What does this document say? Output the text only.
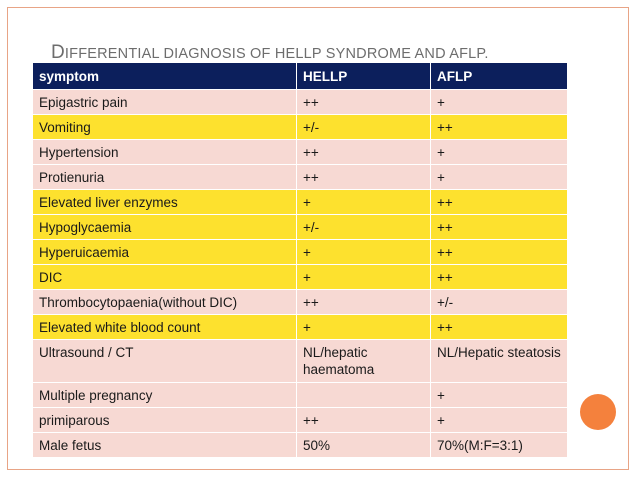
DIFFERENTIAL DIAGNOSIS OF HELLP SYNDROME AND AFLP.
symptom	HELLP	AFLP
Epigastric pain	++	+
Vomiting	+/-	++
Hypertension	++	+
Protienuria	++	+
Elevated liver enzymes	+	++
Hypoglycaemia	+/-	++
Hyperuicaemia	+	++
DIC	+	++
Thrombocytopaenia(without DIC)	++	+/-
Elevated white blood count	+	++
Ultrasound / CT	NL/hepatic haematoma	NL/Hepatic steatosis
Multiple pregnancy		+
primiparous	++	+
Male fetus	50%	70%(M:F=3:1)
